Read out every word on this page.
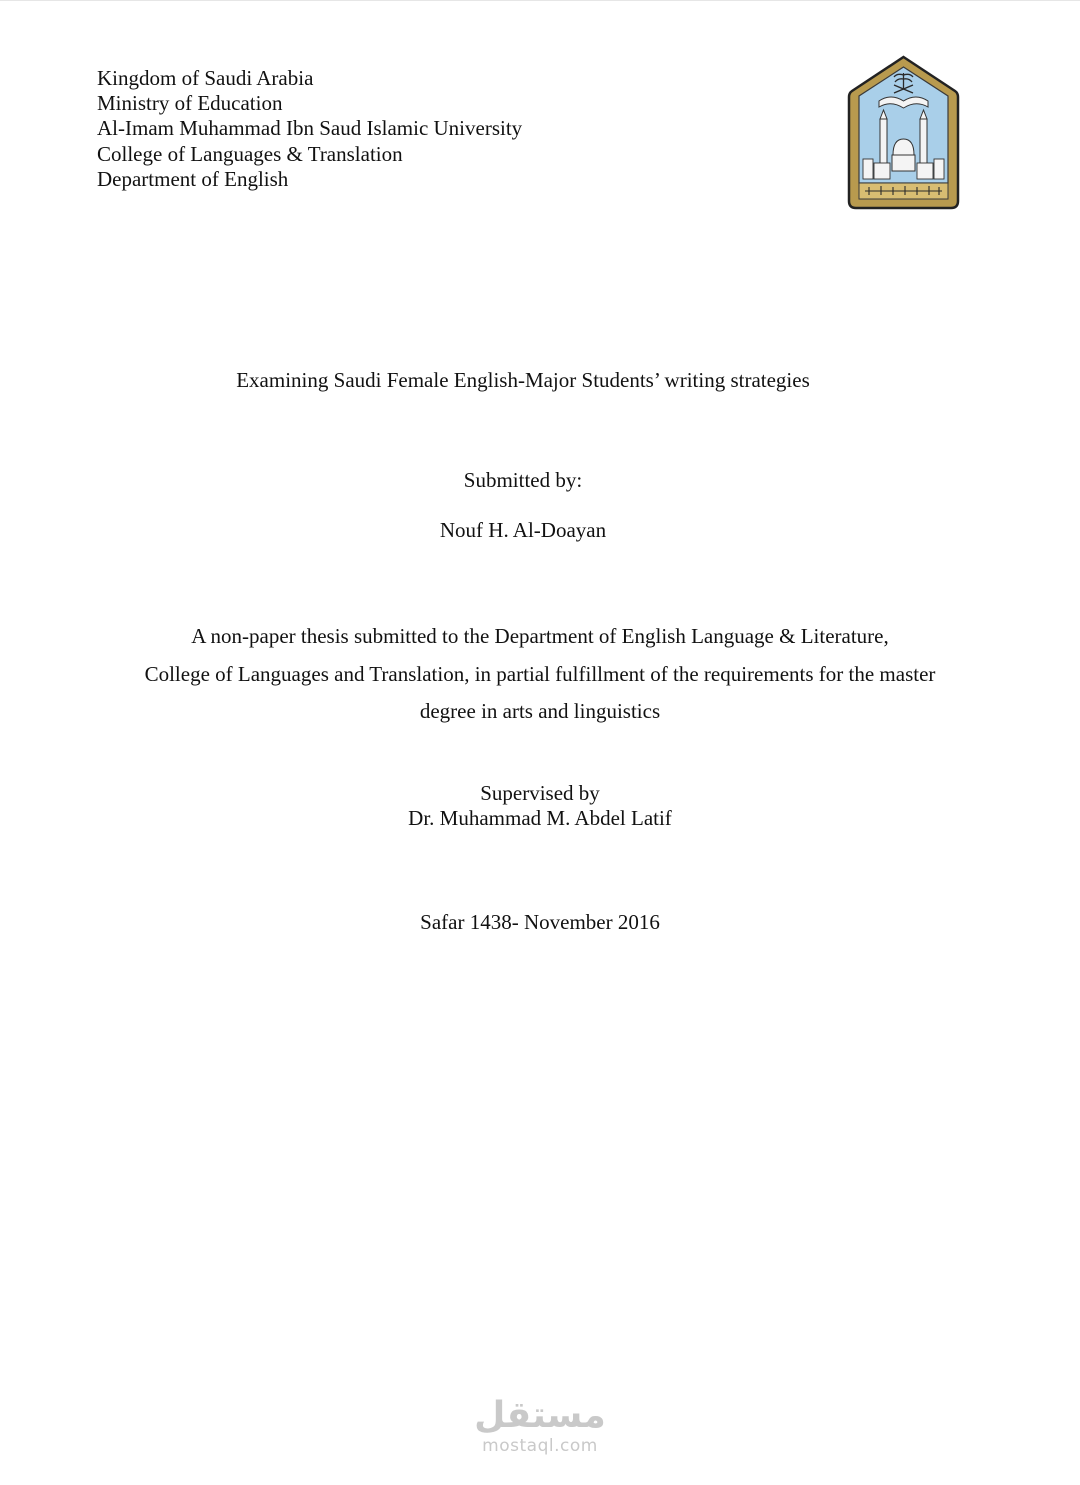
Kingdom of Saudi Arabia
Ministry of Education
Al-Imam Muhammad Ibn Saud Islamic University
College of Languages & Translation
Department of English
Examining Saudi Female English-Major Students’ writing strategies
Submitted by:
Nouf H. Al-Doayan
A non-paper thesis submitted to the Department of English Language & Literature,
College of Languages and Translation, in partial fulfillment of the requirements for the master
degree in arts and linguistics
Supervised by
Dr. Muhammad M. Abdel Latif
Safar 1438- November 2016
مستقل
mostaql.com
